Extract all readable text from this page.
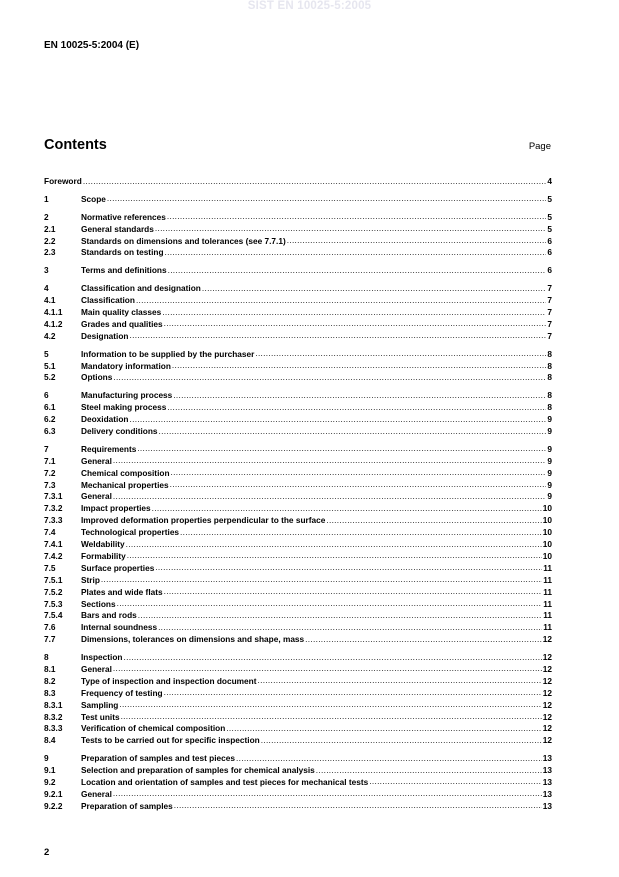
SIST EN 10025-5:2005
EN 10025-5:2004 (E)
Contents	Page
Foreword .....	4
1	Scope .....	5
2	Normative references .....	5
2.1	General standards .....	5
2.2	Standards on dimensions and tolerances (see 7.7.1) .....	6
2.3	Standards on testing .....	6
3	Terms and definitions .....	6
4	Classification and designation .....	7
4.1	Classification .....	7
4.1.1	Main quality classes .....	7
4.1.2	Grades and qualities .....	7
4.2	Designation .....	7
5	Information to be supplied by the purchaser .....	8
5.1	Mandatory information .....	8
5.2	Options .....	8
6	Manufacturing process .....	8
6.1	Steel making process .....	8
6.2	Deoxidation .....	9
6.3	Delivery conditions .....	9
7	Requirements .....	9
7.1	General .....	9
7.2	Chemical composition .....	9
7.3	Mechanical properties .....	9
7.3.1	General .....	9
7.3.2	Impact properties .....	10
7.3.3	Improved deformation properties perpendicular to the surface .....	10
7.4	Technological properties .....	10
7.4.1	Weldability .....	10
7.4.2	Formability .....	10
7.5	Surface properties .....	11
7.5.1	Strip .....	11
7.5.2	Plates and wide flats .....	11
7.5.3	Sections .....	11
7.5.4	Bars and rods .....	11
7.6	Internal soundness .....	11
7.7	Dimensions, tolerances on dimensions and shape, mass .....	12
8	Inspection .....	12
8.1	General .....	12
8.2	Type of inspection and inspection document .....	12
8.3	Frequency of testing .....	12
8.3.1	Sampling .....	12
8.3.2	Test units .....	12
8.3.3	Verification of chemical composition .....	12
8.4	Tests to be carried out for specific inspection .....	12
9	Preparation of samples and test pieces .....	13
9.1	Selection and preparation of samples for chemical analysis .....	13
9.2	Location and orientation of samples and test pieces for mechanical tests .....	13
9.2.1	General .....	13
9.2.2	Preparation of samples .....	13
2
